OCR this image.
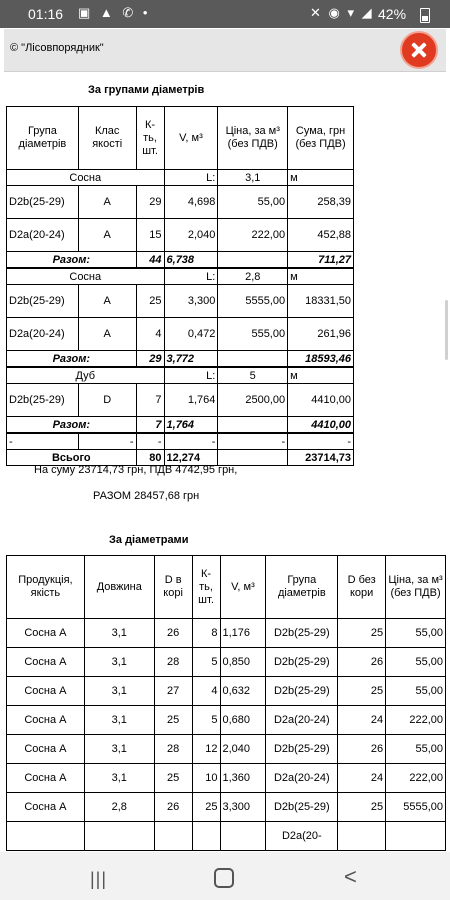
01:16 ▣ ▲ ✆ •	✕ ◉ ▾ ◢ 42%
© "Лісовпорядник"
За групами діаметрів
Група діаметрів	Клас якості	К-ть, шт.	V, м³	Ціна, за м³ (без ПДВ)	Сума, грн (без ПДВ)
Сосна			L:	3,1	м
D2b(25-29)	A	29	4,698	55,00	258,39
D2a(20-24)	A	15	2,040	222,00	452,88
Разом:		44	6,738		711,27
Сосна			L:	2,8	м
D2b(25-29)	A	25	3,300	5555,00	18331,50
D2a(20-24)	A	4	0,472	555,00	261,96
Разом:		29	3,772		18593,46
Дуб			L:	5	м
D2b(25-29)	D	7	1,764	2500,00	4410,00
Разом:		7	1,764		4410,00
-	-	-	-	-	-
Всього		80	12,274		23714,73
На суму 23714,73 грн, ПДВ 4742,95 грн,
РАЗОМ 28457,68 грн
За діаметрами
Продукція, якість	Довжина	D в корі	К-ть, шт.	V, м³	Група діаметрів	D без кори	Ціна, за м³ (без ПДВ)
Сосна A	3,1	26	8	1,176	D2b(25-29)	25	55,00
Сосна A	3,1	28	5	0,850	D2b(25-29)	26	55,00
Сосна A	3,1	27	4	0,632	D2b(25-29)	25	55,00
Сосна A	3,1	25	5	0,680	D2a(20-24)	24	222,00
Сосна A	3,1	28	12	2,040	D2b(25-29)	26	55,00
Сосна A	3,1	25	10	1,360	D2a(20-24)	24	222,00
Сосна A	2,8	26	25	3,300	D2b(25-29)	25	5555,00
					D2a(20-		
|||	<
